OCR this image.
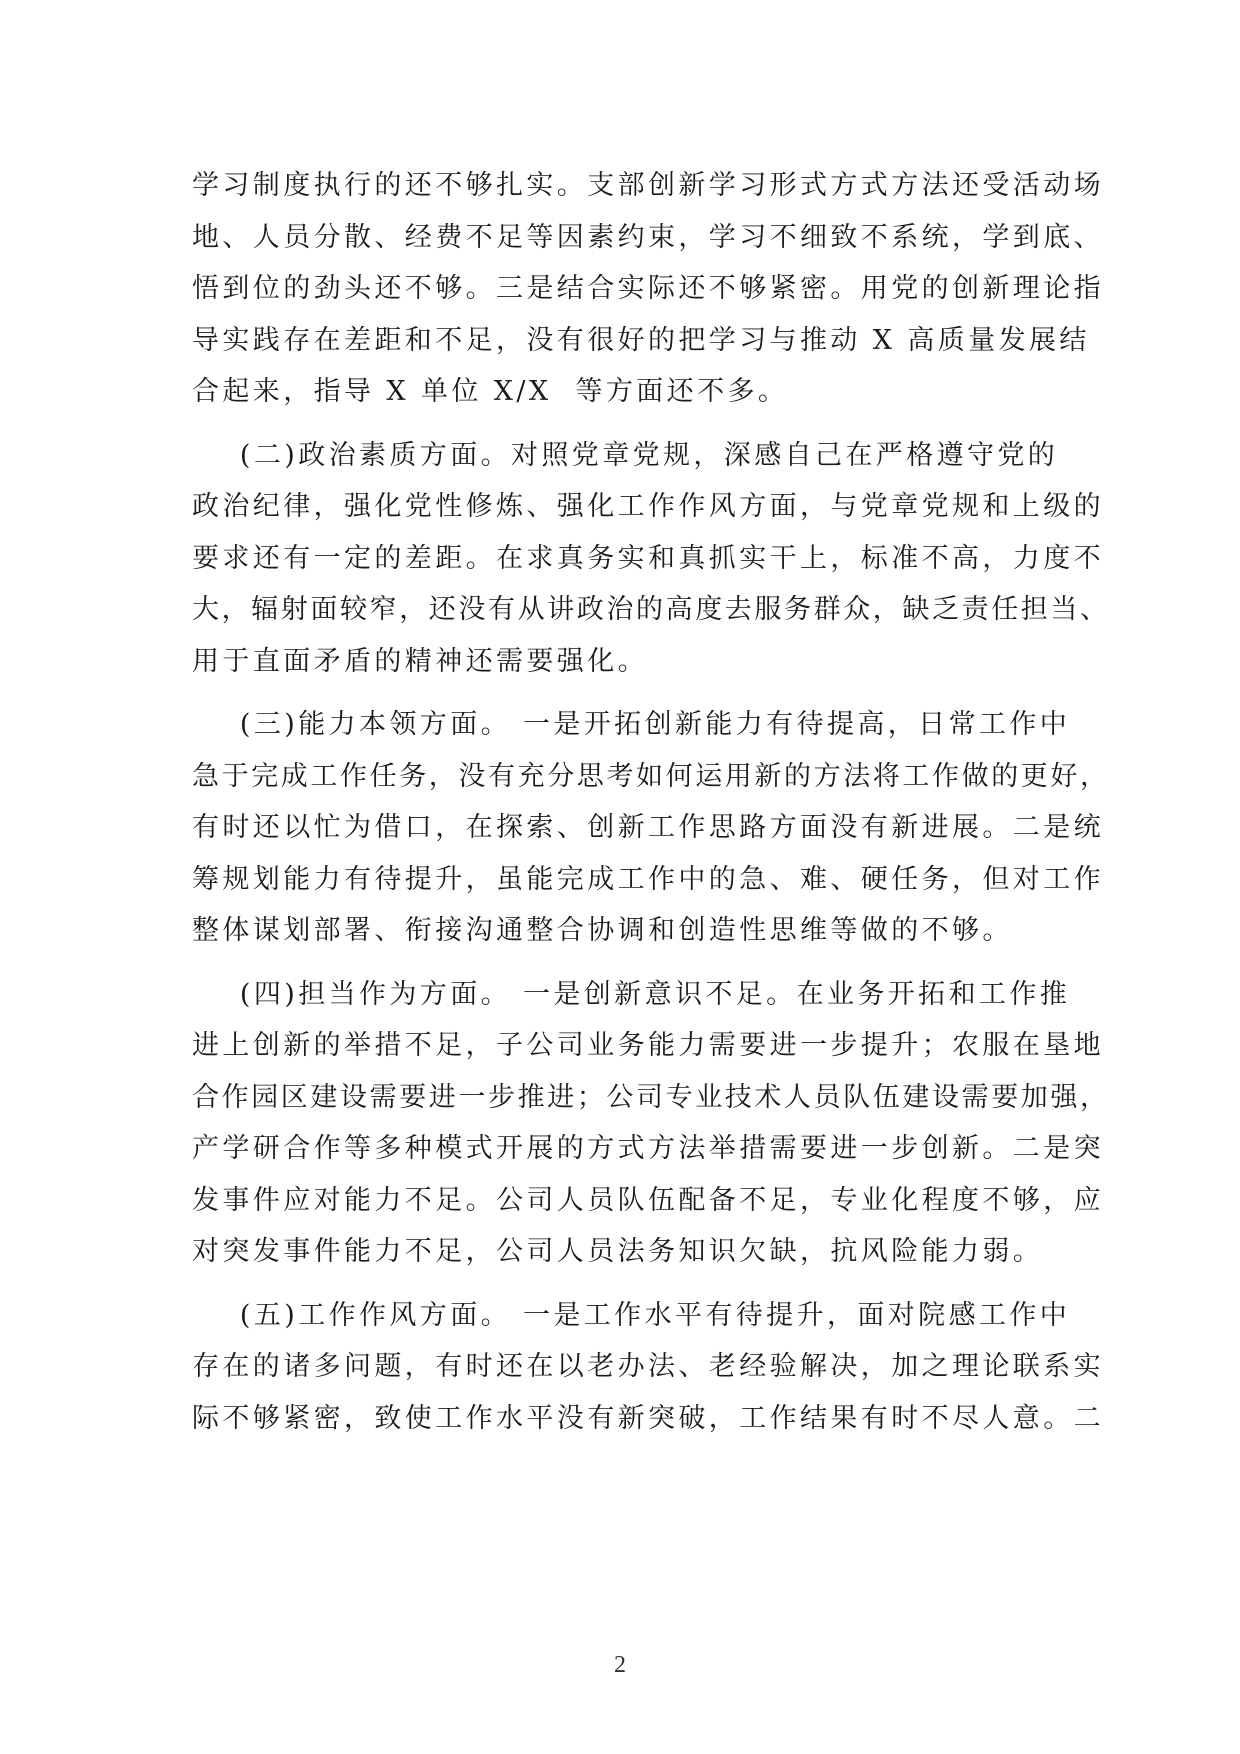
学习制度执行的还不够扎实。支部创新学习形式方式方法还受活动场
地、人员分散、经费不足等因素约束，学习不细致不系统，学到底、
悟到位的劲头还不够。三是结合实际还不够紧密。用党的创新理论指
导实践存在差距和不足，没有很好的把学习与推动 X 高质量发展结
合起来，指导 X 单位 X/X  等方面还不多。
(二)政治素质方面。对照党章党规，深感自己在严格遵守党的
政治纪律，强化党性修炼、强化工作作风方面，与党章党规和上级的
要求还有一定的差距。在求真务实和真抓实干上，标准不高，力度不
大，辐射面较窄，还没有从讲政治的高度去服务群众，缺乏责任担当、
用于直面矛盾的精神还需要强化。
(三)能力本领方面。 一是开拓创新能力有待提高，日常工作中
急于完成工作任务，没有充分思考如何运用新的方法将工作做的更好，
有时还以忙为借口，在探索、创新工作思路方面没有新进展。二是统
筹规划能力有待提升，虽能完成工作中的急、难、硬任务，但对工作
整体谋划部署、衔接沟通整合协调和创造性思维等做的不够。
(四)担当作为方面。 一是创新意识不足。在业务开拓和工作推
进上创新的举措不足，子公司业务能力需要进一步提升；农服在垦地
合作园区建设需要进一步推进；公司专业技术人员队伍建设需要加强，
产学研合作等多种模式开展的方式方法举措需要进一步创新。二是突
发事件应对能力不足。公司人员队伍配备不足，专业化程度不够，应
对突发事件能力不足，公司人员法务知识欠缺，抗风险能力弱。
(五)工作作风方面。 一是工作水平有待提升，面对院感工作中
存在的诸多问题，有时还在以老办法、老经验解决，加之理论联系实
际不够紧密，致使工作水平没有新突破，工作结果有时不尽人意。二
2
